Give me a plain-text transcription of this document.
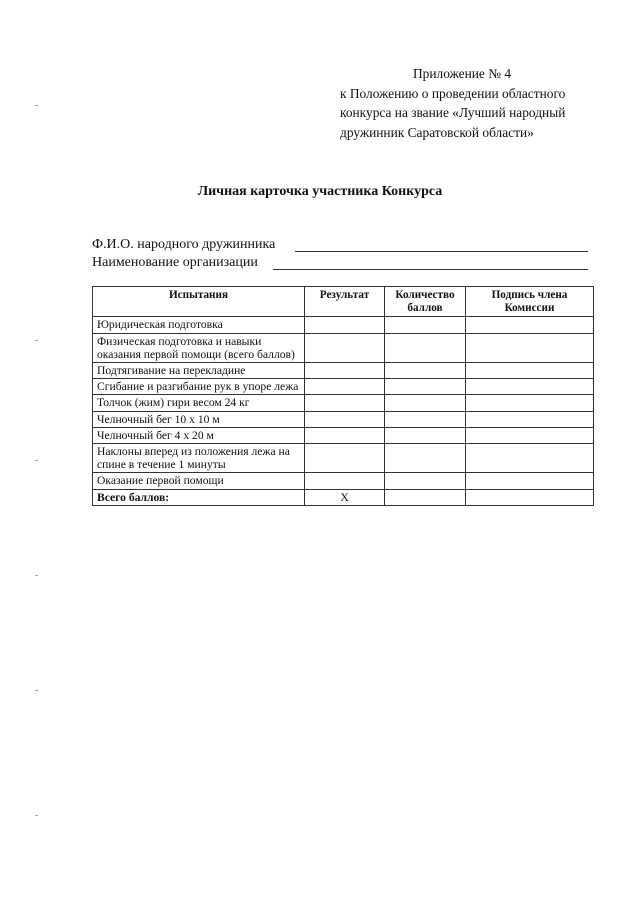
Приложение № 4
к Положению о проведении областного
конкурса на звание «Лучший народный
дружинник Саратовской области»
Личная карточка участника Конкурса
Ф.И.О. народного дружинника
Наименование организации
Испытания	Результат	Количество баллов	Подпись члена Комиссии
Юридическая подготовка			
Физическая подготовка и навыки оказания первой помощи (всего баллов)			
Подтягивание на перекладине			
Сгибание и разгибание рук в упоре лежа			
Толчок (жим) гири весом 24 кг			
Челночный бег 10 х 10 м			
Челночный бег 4 х 20 м			
Наклоны вперед из положения лежа на спине в течение 1 минуты			
Оказание первой помощи			
Всего баллов:	X		
